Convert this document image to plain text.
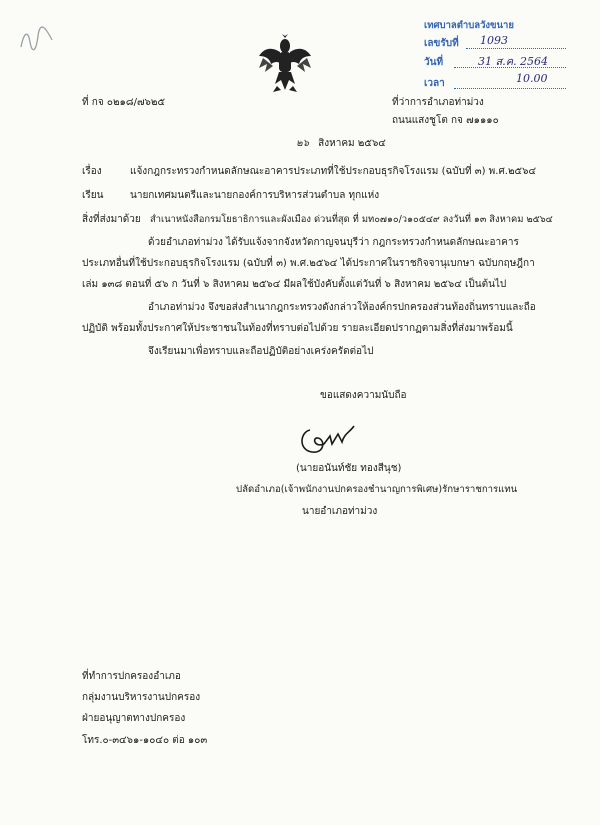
เทศบาลตำบลวังขนาย
เลขรับที่ 1093
วันที่	31 ส.ค. 2564
เวลา	10.00
ที่ กจ ๐๒๑๘/๗๖๒๕	ที่ว่าการอำเภอท่าม่วง
ถนนแสงชูโต กจ ๗๑๑๑๐
๒๖ สิงหาคม ๒๕๖๔
เรื่อง	แจ้งกฎกระทรวงกำหนดลักษณะอาคารประเภทที่ใช้ประกอบธุรกิจโรงแรม (ฉบับที่ ๓) พ.ศ.๒๕๖๔
เรียน	นายกเทศมนตรีและนายกองค์การบริหารส่วนตำบล ทุกแห่ง
สิ่งที่ส่งมาด้วย สำเนาหนังสือกรมโยธาธิการและผังเมือง ด่วนที่สุด ที่ มท๐๗๑๐/ว๑๐๕๔๙ ลงวันที่ ๑๓ สิงหาคม ๒๕๖๔
ด้วยอำเภอท่าม่วง ได้รับแจ้งจากจังหวัดกาญจนบุรีว่า กฎกระทรวงกำหนดลักษณะอาคารประเภทอื่นที่ใช้ประกอบธุรกิจโรงแรม (ฉบับที่ ๓) พ.ศ.๒๕๖๔ ได้ประกาศในราชกิจจานุเบกษา ฉบับกฤษฎีกา เล่ม ๑๓๘ ตอนที่ ๕๖ ก วันที่ ๖ สิงหาคม ๒๕๖๔ มีผลใช้บังคับตั้งแต่วันที่ ๖ สิงหาคม ๒๕๖๔ เป็นต้นไป
อำเภอท่าม่วง จึงขอส่งสำเนากฎกระทรวงดังกล่าวให้องค์กรปกครองส่วนท้องถิ่นทราบและถือปฏิบัติ พร้อมทั้งประกาศให้ประชาชนในท้องที่ทราบต่อไปด้วย รายละเอียดปรากฏตามสิ่งที่ส่งมาพร้อมนี้
จึงเรียนมาเพื่อทราบและถือปฏิบัติอย่างเคร่งครัดต่อไป
ขอแสดงความนับถือ
(นายอนันท์ชัย ทองสีนุช)
ปลัดอำเภอ(เจ้าพนักงานปกครองชำนาญการพิเศษ)รักษาราชการแทน
นายอำเภอท่าม่วง
ที่ทำการปกครองอำเภอ
กลุ่มงานบริหารงานปกครอง
ฝ่ายอนุญาตทางปกครอง
โทร.๐-๓๔๖๑-๑๐๔๐ ต่อ ๑๐๓
